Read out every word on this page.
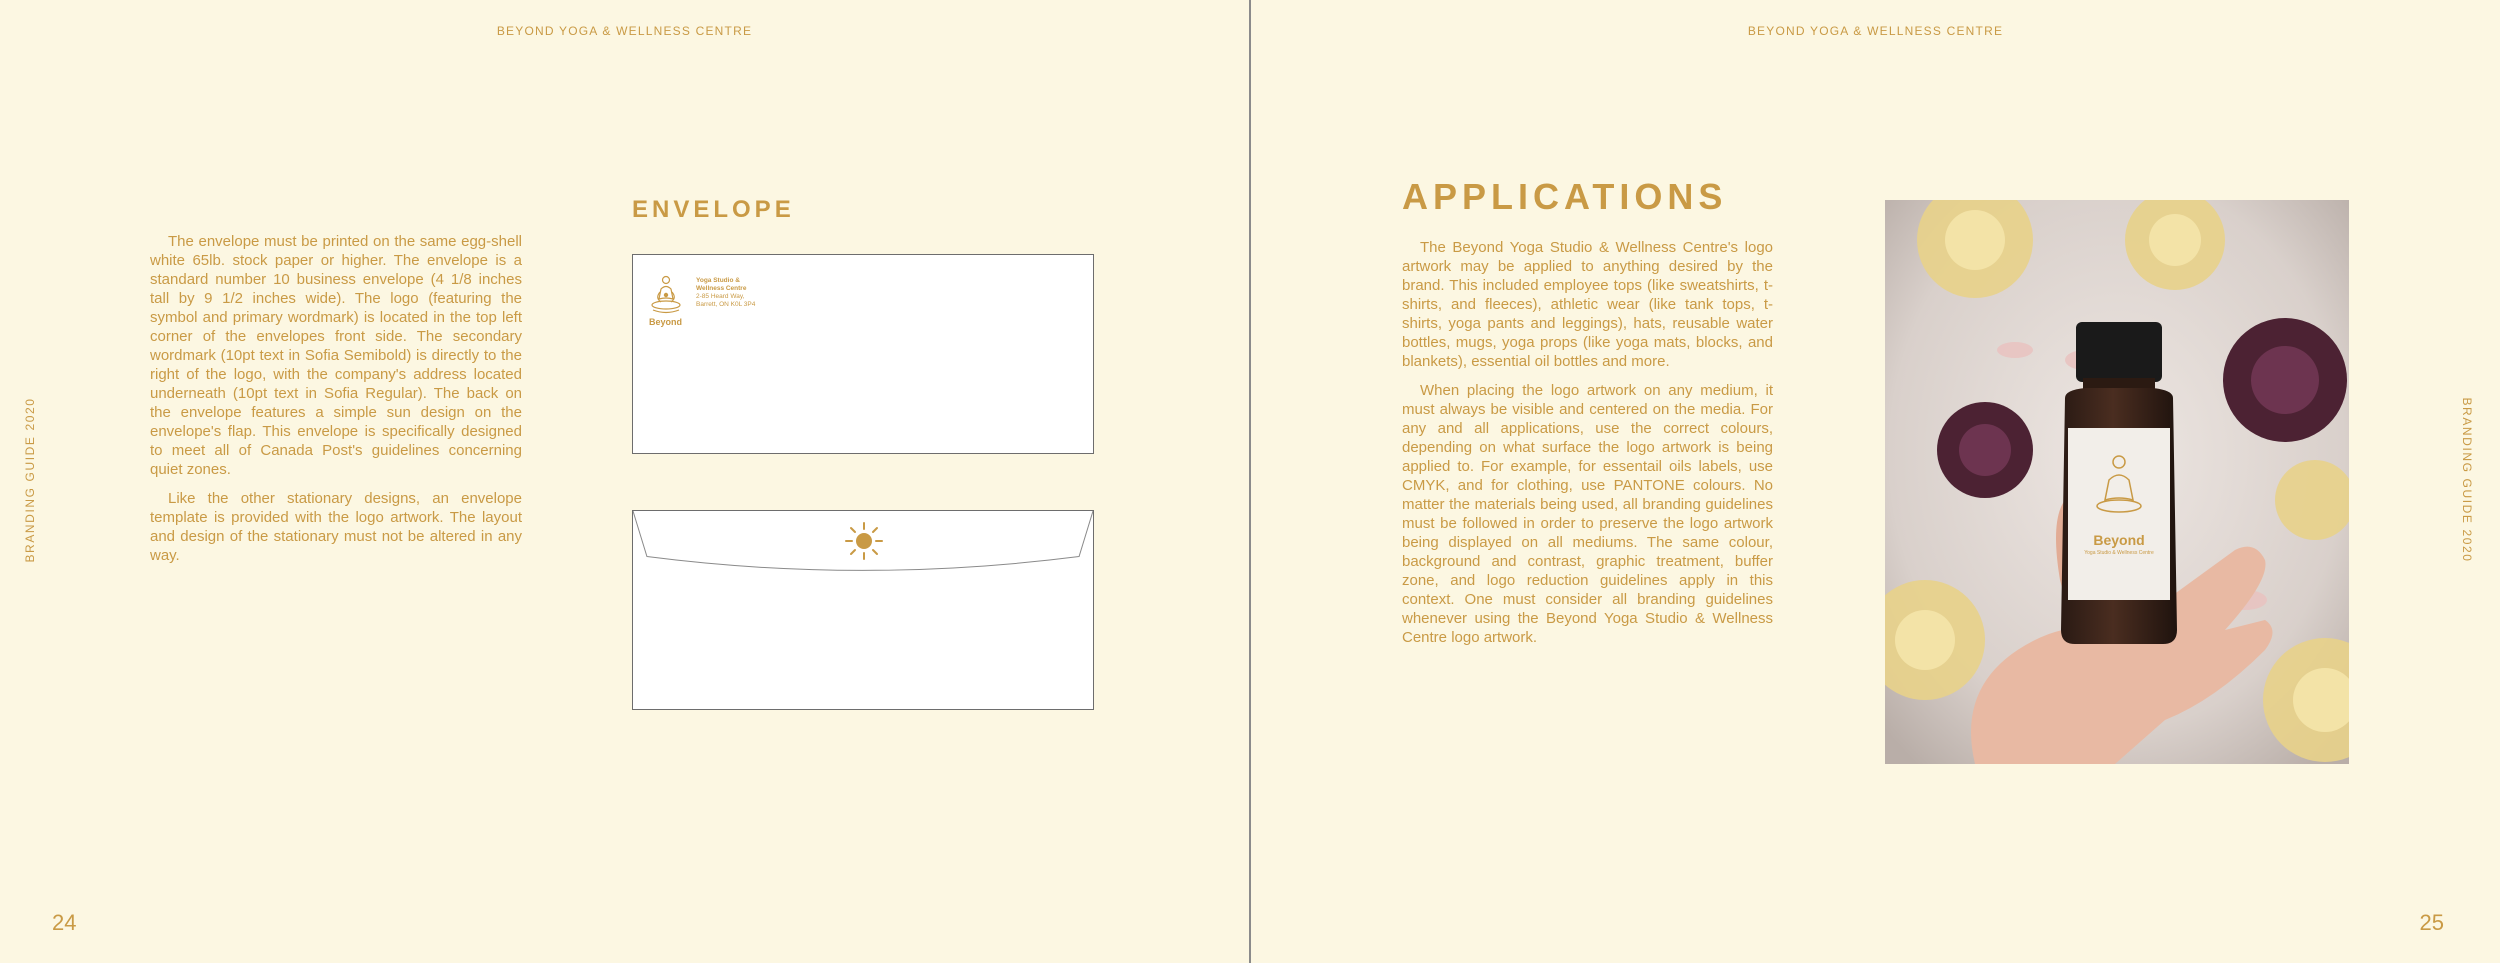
BEYOND YOGA & WELLNESS CENTRE
BRANDING GUIDE 2020

The envelope must be printed on the same egg-shell white 65lb. stock paper or higher. The envelope is a standard number 10 business envelope (4 1/8 inches tall by 9 1/2 inches wide). The logo (featuring the symbol and primary wordmark) is located in the top left corner of the envelopes front side. The secondary wordmark (10pt text in Sofia Semibold) is directly to the right of the logo, with the company's address located underneath (10pt text in Sofia Regular). The back on the envelope features a simple sun design on the envelope's flap. This envelope is specifically designed to meet all of Canada Post's guidelines concerning quiet zones.

Like the other stationary designs, an envelope template is provided with the logo artwork. The layout and design of the stationary must not be altered in any way.

ENVELOPE
Beyond
Yoga Studio &
Wellness Centre
2-85 Heard Way,
Barrett, ON K0L 3P4
24
BEYOND YOGA & WELLNESS CENTRE
APPLICATIONS

The Beyond Yoga Studio & Wellness Centre's logo artwork may be applied to anything desired by the brand. This included employee tops (like sweatshirts, t-shirts, and fleeces), athletic wear (like tank tops, t-shirts, yoga pants and leggings), hats, reusable water bottles, mugs, yoga props (like yoga mats, blocks, and blankets), essential oil bottles and more.

When placing the logo artwork on any medium, it must always be visible and centered on the media. For any and all applications, use the correct colours, depending on what surface the logo artwork is being applied to. For example, for essentail oils labels, use CMYK, and for clothing, use PANTONE colours. No matter the materials being used, all branding guidelines must be followed in order to preserve the logo artwork being displayed on all mediums. The same colour, background and contrast, graphic treatment, buffer zone, and logo reduction guidelines apply in this context. One must consider all branding guidelines whenever using the Beyond Yoga Studio & Wellness Centre logo artwork.

Beyond
Yoga Studio & Wellness Centre	BRANDING GUIDE 2020
25
